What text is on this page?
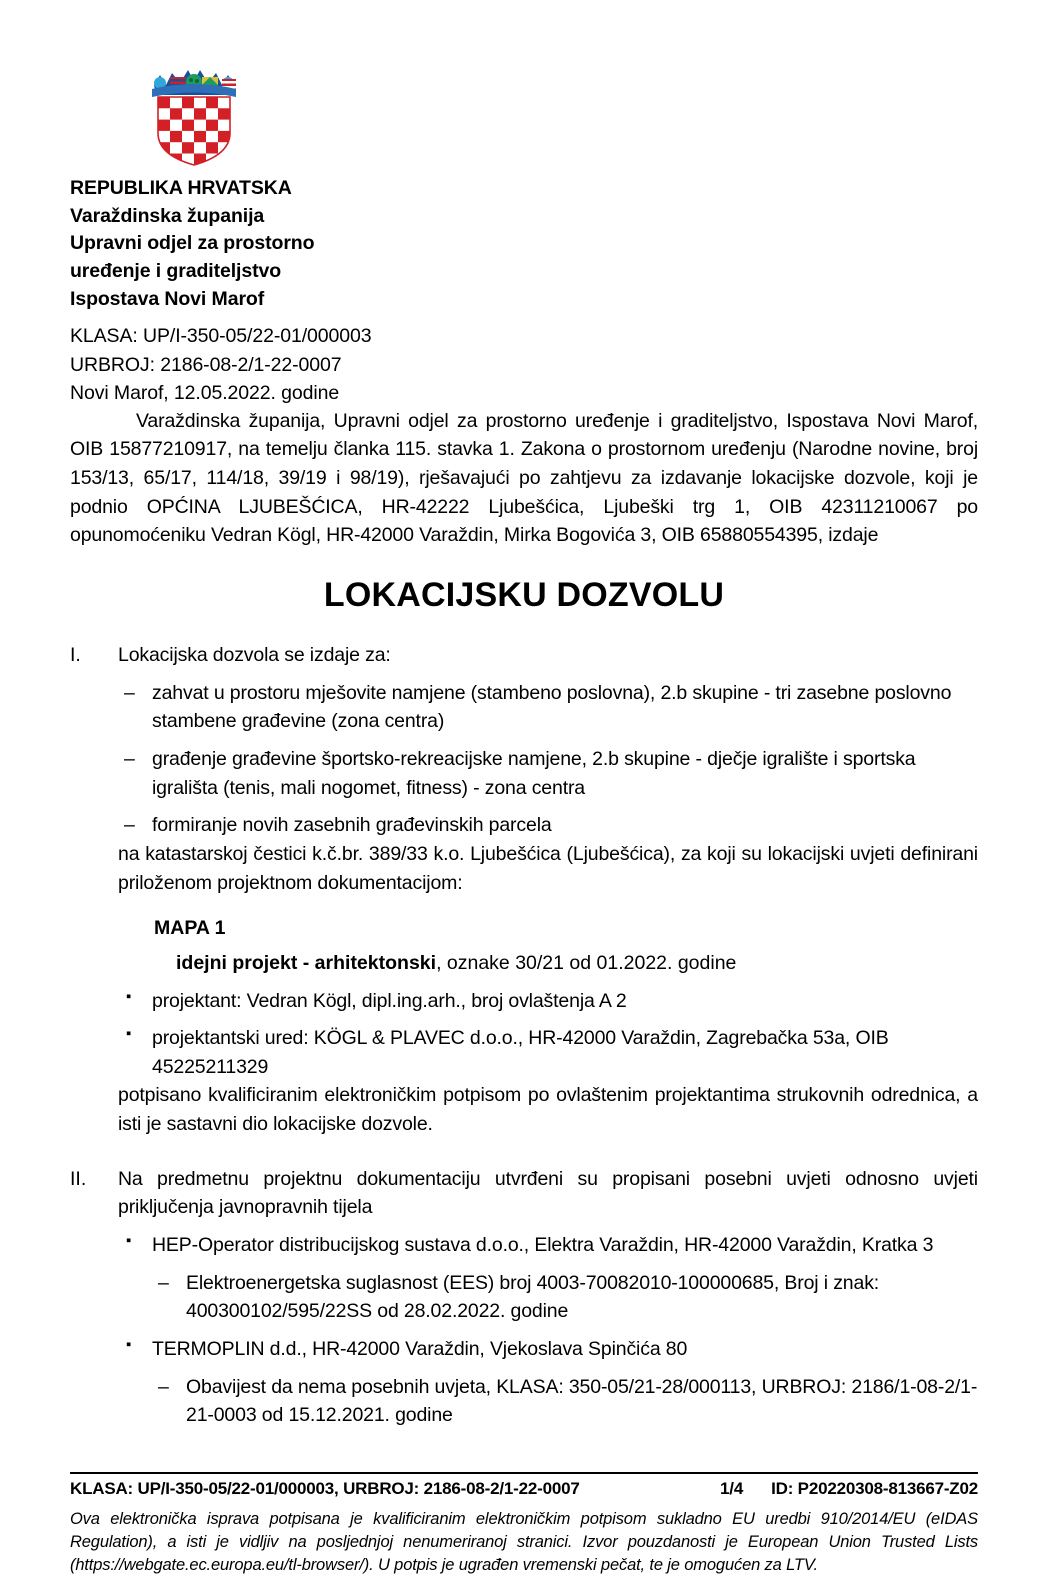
REPUBLIKA HRVATSKA
Varaždinska županija
Upravni odjel za prostorno
uređenje i graditeljstvo
Ispostava Novi Marof
KLASA: UP/I-350-05/22-01/000003
URBROJ: 2186-08-2/1-22-0007
Novi Marof, 12.05.2022. godine

Varaždinska županija, Upravni odjel za prostorno uređenje i graditeljstvo, Ispostava Novi Marof, OIB 15877210917, na temelju članka 115. stavka 1. Zakona o prostornom uređenju (Narodne novine, broj 153/13, 65/17, 114/18, 39/19 i 98/19), rješavajući po zahtjevu za izdavanje lokacijske dozvole, koji je podnio OPĆINA LJUBEŠĆICA, HR-42222 Ljubešćica, Ljubeški trg 1, OIB 42311210067 po opunomoćeniku Vedran Kögl, HR-42000 Varaždin, Mirka Bogovića 3, OIB 65880554395, izdaje

LOKACIJSKU DOZVOLU
I.	Lokacijska dozvola se izdaje za:

– zahvat u prostoru mješovite namjene (stambeno poslovna), 2.b skupine - tri zasebne poslovno stambene građevine (zona centra)
– građenje građevine športsko-rekreacijske namjene, 2.b skupine - dječje igralište i sportska igrališta (tenis, mali nogomet, fitness) - zona centra
– formiranje novih zasebnih građevinskih parcela

na katastarskoj čestici k.č.br. 389/33 k.o. Ljubešćica (Ljubešćica), za koji su lokacijski uvjeti definirani priloženom projektnom dokumentacijom:

MAPA 1
idejni projekt - arhitektonski, oznake 30/21 od 01.2022. godine
▪ projektant: Vedran Kögl, dipl.ing.arh., broj ovlaštenja A 2
▪ projektantski ured: KÖGL & PLAVEC d.o.o., HR-42000 Varaždin, Zagrebačka 53a, OIB 45225211329

potpisano kvalificiranim elektroničkim potpisom po ovlaštenim projektantima strukovnih odrednica, a isti je sastavni dio lokacijske dozvole.

II.	Na predmetnu projektnu dokumentaciju utvrđeni su propisani posebni uvjeti odnosno uvjeti priključenja javnopravnih tijela

▪ HEP-Operator distribucijskog sustava d.o.o., Elektra Varaždin, HR-42000 Varaždin, Kratka 3
– Elektroenergetska suglasnost (EES) broj 4003-70082010-100000685, Broj i znak: 400300102/595/22SS od 28.02.2022. godine
▪ TERMOPLIN d.d., HR-42000 Varaždin, Vjekoslava Spinčića 80
– Obavijest da nema posebnih uvjeta, KLASA: 350-05/21-28/000113, URBROJ: 2186/1-08-2/1-21-0003 od 15.12.2021. godine
KLASA: UP/I-350-05/22-01/000003, URBROJ: 2186-08-2/1-22-0007	1/4 ID: P20220308-813667-Z02
Ova elektronička isprava potpisana je kvalificiranim elektroničkim potpisom sukladno EU uredbi 910/2014/EU (eIDAS Regulation), a isti je vidljiv na posljednjoj nenumeriranoj stranici. Izvor pouzdanosti je European Union Trusted Lists (https://webgate.ec.europa.eu/tl-browser/). U potpis je ugrađen vremenski pečat, te je omogućen za LTV.
